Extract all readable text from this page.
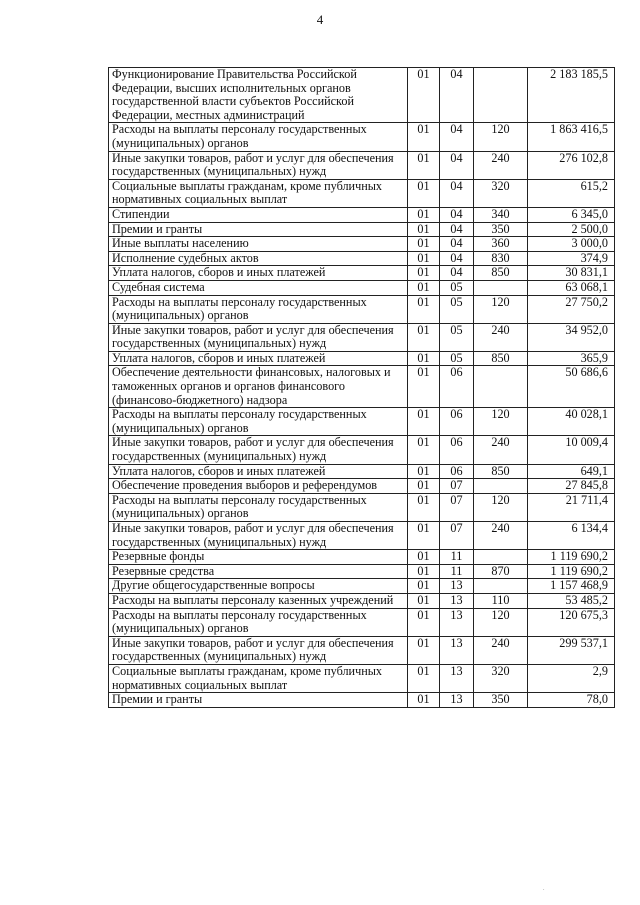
4
Функционирование Правительства Российской Федерации, высших исполнительных органов государственной власти субъектов Российской Федерации, местных администраций	01	04		2 183 185,5
Расходы на выплаты персоналу государственных (муниципальных) органов	01	04	120	1 863 416,5
Иные закупки товаров, работ и услуг для обеспечения государственных (муниципальных) нужд	01	04	240	276 102,8
Социальные выплаты гражданам, кроме публичных нормативных социальных выплат	01	04	320	615,2
Стипендии	01	04	340	6 345,0
Премии и гранты	01	04	350	2 500,0
Иные выплаты населению	01	04	360	3 000,0
Исполнение судебных актов	01	04	830	374,9
Уплата налогов, сборов и иных платежей	01	04	850	30 831,1
Судебная система	01	05		63 068,1
Расходы на выплаты персоналу государственных (муниципальных) органов	01	05	120	27 750,2
Иные закупки товаров, работ и услуг для обеспечения государственных (муниципальных) нужд	01	05	240	34 952,0
Уплата налогов, сборов и иных платежей	01	05	850	365,9
Обеспечение деятельности финансовых, налоговых и таможенных органов и органов финансового (финансово-бюджетного) надзора	01	06		50 686,6
Расходы на выплаты персоналу государственных (муниципальных) органов	01	06	120	40 028,1
Иные закупки товаров, работ и услуг для обеспечения государственных (муниципальных) нужд	01	06	240	10 009,4
Уплата налогов, сборов и иных платежей	01	06	850	649,1
Обеспечение проведения выборов и референдумов	01	07		27 845,8
Расходы на выплаты персоналу государственных (муниципальных) органов	01	07	120	21 711,4
Иные закупки товаров, работ и услуг для обеспечения государственных (муниципальных) нужд	01	07	240	6 134,4
Резервные фонды	01	11		1 119 690,2
Резервные средства	01	11	870	1 119 690,2
Другие общегосударственные вопросы	01	13		1 157 468,9
Расходы на выплаты персоналу казенных учреждений	01	13	110	53 485,2
Расходы на выплаты персоналу государственных (муниципальных) органов	01	13	120	120 675,3
Иные закупки товаров, работ и услуг для обеспечения государственных (муниципальных) нужд	01	13	240	299 537,1
Социальные выплаты гражданам, кроме публичных нормативных социальных выплат	01	13	320	2,9
Премии и гранты	01	13	350	78,0
.
